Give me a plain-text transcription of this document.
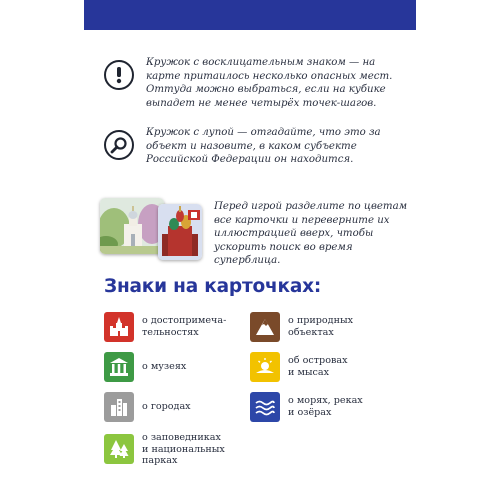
Кружок с восклицательным знаком — на карте притаилось несколько опасных мест. Оттуда можно выбраться, если на кубике выпадет не менее четырёх точек-шагов.
Кружок с лупой — отгадайте, что это за объект и назовите, в каком субъекте Российской Федерации он находится.
Перед игрой разделите по цветам все карточки и переверните их иллюстрацией вверх, чтобы ускорить поиск во время суперблица.
Знаки на карточках:
о достопримеча-
тельностях
о музеях
о городах
о заповедниках
и национальных
парках
о природных
объектах
об островах
и мысах
о морях, реках
и озёрах
